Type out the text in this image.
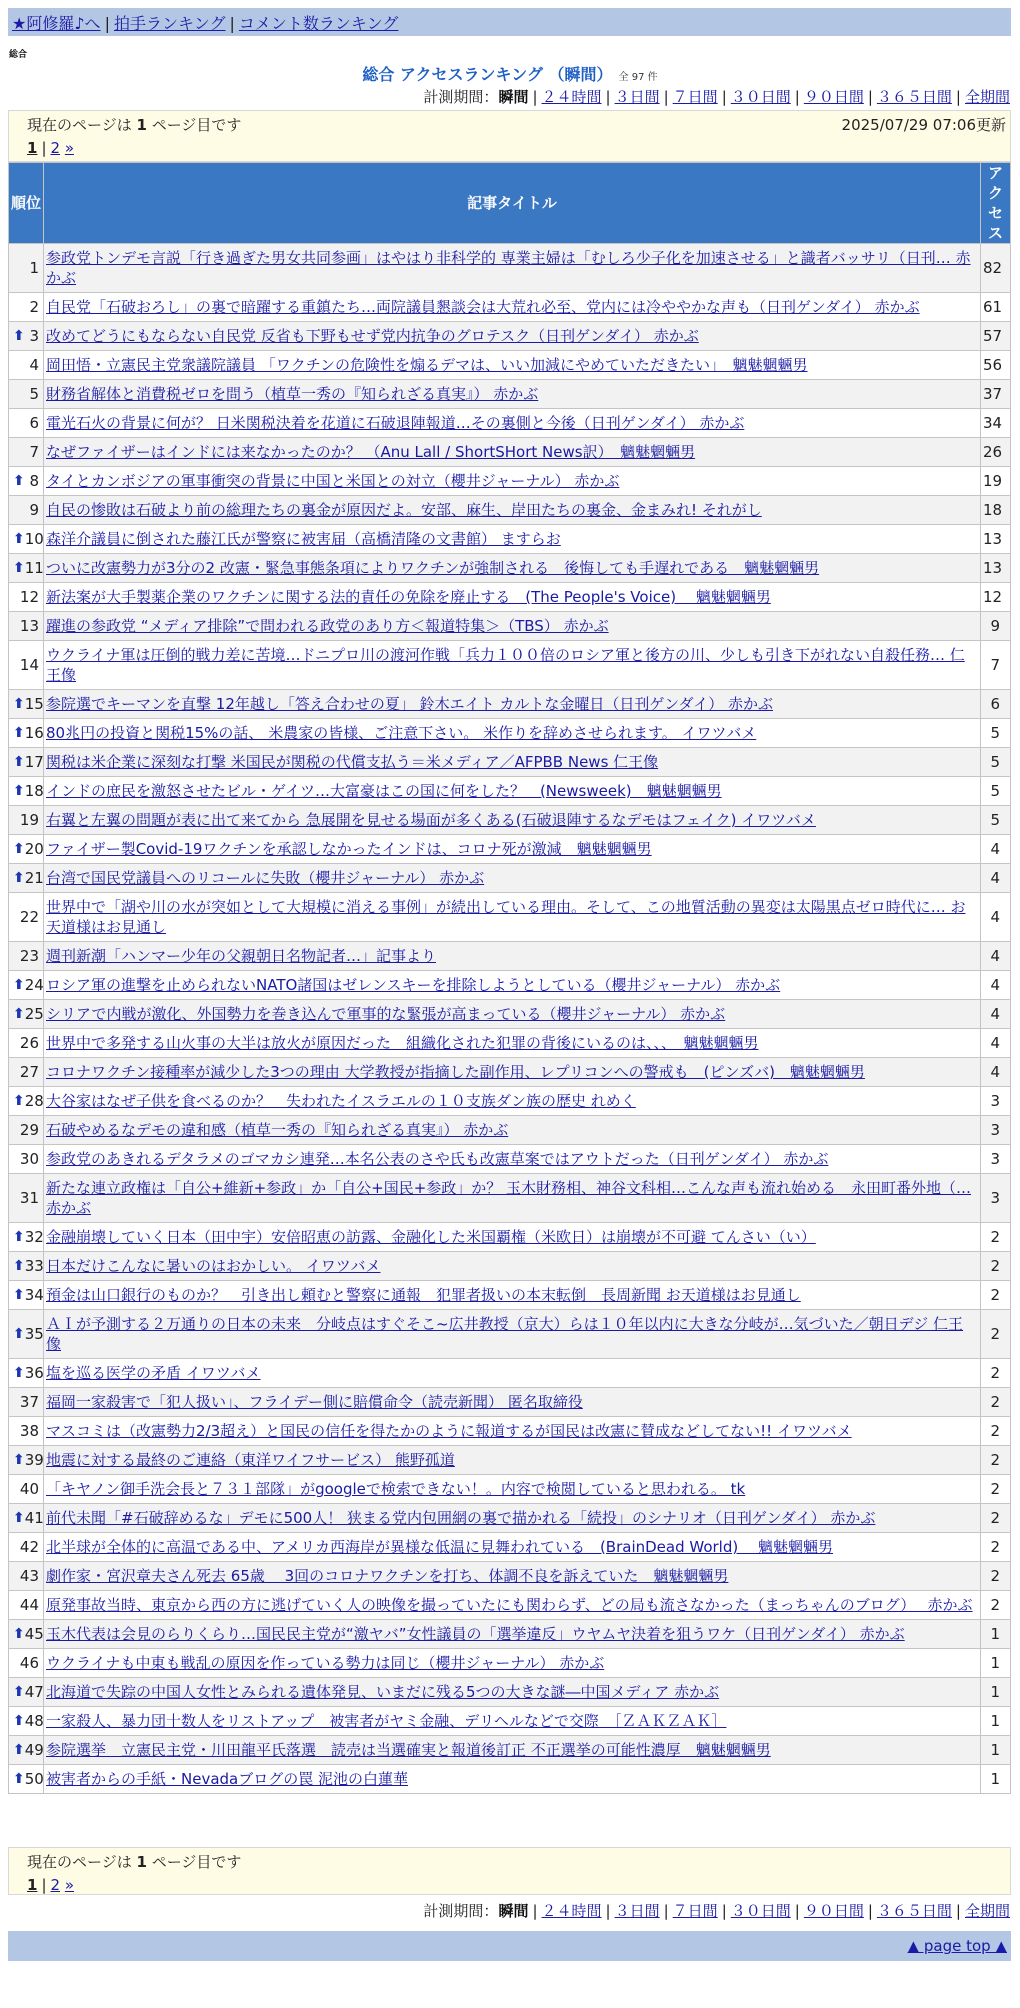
★阿修羅♪へ | 拍手ランキング | コメント数ランキング
総合
総合 アクセスランキング （瞬間） 全 97 件
計測期間：瞬間 | ２４時間 | ３日間 | ７日間 | ３０日間 | ９０日間 | ３６５日間 | 全期間
現在のページは 1 ページ目です	2025/07/29 07:06更新
1 | 2 »
順位	記事タイトル	アクセス
1	参政党トンデモ言説「行き過ぎた男女共同参画」はやはり非科学的 専業主婦は「むしろ少子化を加速させる」と識者バッサリ（日刊… 赤かぶ	82
2	自民党「石破おろし」の裏で暗躍する重鎮たち…両院議員懇談会は大荒れ必至、党内には冷ややかな声も（日刊ゲンダイ） 赤かぶ	61

⬆ 3	改めてどうにもならない自民党 反省も下野もせず党内抗争のグロテスク（日刊ゲンダイ） 赤かぶ	57
4	岡田悟・立憲民主党衆議院議員 「ワクチンの危険性を煽るデマは、いい加減にやめていただきたい」　魑魅魍魎男	56
5	財務省解体と消費税ゼロを問う（植草一秀の『知られざる真実』） 赤かぶ	37
6	電光石火の背景に何が？ 日米関税決着を花道に石破退陣報道…その裏側と今後（日刊ゲンダイ） 赤かぶ	34
7	なぜファイザーはインドには来なかったのか？ （Anu Lall / ShortSHort News訳）　魑魅魍魎男	26

⬆ 8	タイとカンボジアの軍事衝突の背景に中国と米国との対立（櫻井ジャーナル） 赤かぶ	19
9	自民の惨敗は石破より前の総理たちの裏金が原因だよ。安部、麻生、岸田たちの裏金、金まみれ! それがし	18

⬆ 10	森洋介議員に倒された藤江氏が警察に被害届（高橋清隆の文書館） ますらお	13

⬆ 11	ついに改憲勢力が3分の2 改憲・緊急事態条項によりワクチンが強制される　後悔しても手遅れである　魑魅魍魎男	13
12	新法案が大手製薬企業のワクチンに関する法的責任の免除を廃止する　(The People's Voice)　 魑魅魍魎男	12
13	躍進の参政党 “メディア排除”で問われる政党のあり方＜報道特集＞（TBS） 赤かぶ	9
14	ウクライナ軍は圧倒的戦力差に苦境…ドニプロ川の渡河作戦「兵力１００倍のロシア軍と後方の川、少しも引き下がれない自殺任務… 仁王像	7

⬆ 15	参院選でキーマンを直撃 12年越し「答え合わせの夏」 鈴木エイト カルトな金曜日（日刊ゲンダイ） 赤かぶ	6

⬆ 16	80兆円の投資と関税15%の話、 米農家の皆様、ご注意下さい。 米作りを辞めさせられます。 イワツバメ	5

⬆ 17	関税は米企業に深刻な打撃 米国民が関税の代償支払う＝米メディア／AFPBB News 仁王像	5

⬆ 18	インドの庶民を激怒させたビル・ゲイツ…大富豪はこの国に何をした？　(Newsweek)　魑魅魍魎男	5
19	右翼と左翼の問題が表に出て来てから 急展開を見せる場面が多くある(石破退陣するなデモはフェイク) イワツバメ	5

⬆ 20	ファイザー製Covid-19ワクチンを承認しなかったインドは、コロナ死が激減　魑魅魍魎男	4

⬆ 21	台湾で国民党議員へのリコールに失敗（櫻井ジャーナル） 赤かぶ	4
22	世界中で「湖や川の水が突如として大規模に消える事例」が続出している理由。そして、この地質活動の異変は太陽黒点ゼロ時代に… お天道様はお見通し	4
23	週刊新潮「ハンマー少年の父親朝日名物記者…」記事より	4

⬆ 24	ロシア軍の進撃を止められないNATO諸国はゼレンスキーを排除しようとしている（櫻井ジャーナル） 赤かぶ	4

⬆ 25	シリアで内戦が激化、外国勢力を巻き込んで軍事的な緊張が高まっている（櫻井ジャーナル） 赤かぶ	4
26	世界中で多発する山火事の大半は放火が原因だった　組織化された犯罪の背後にいるのは、、、　魑魅魍魎男	4
27	コロナワクチン接種率が減少した3つの理由 大学教授が指摘した副作用、レプリコンへの警戒も　(ピンズバ)　魑魅魍魎男	4

⬆ 28	大谷家はなぜ子供を食べるのか？　失われたイスラエルの１０支族ダン族の歴史 れめく	3
29	石破やめるなデモの違和感（植草一秀の『知られざる真実』） 赤かぶ	3
30	参政党のあきれるデタラメのゴマカシ連発…本名公表のさや氏も改憲草案ではアウトだった（日刊ゲンダイ） 赤かぶ	3
31	新たな連立政権は「自公+維新+参政」か「自公+国民+参政」か？ 玉木財務相、神谷文科相…こんな声も流れ始める　永田町番外地（… 赤かぶ	3

⬆ 32	金融崩壊していく日本（田中宇）安倍昭恵の訪露、金融化した米国覇権（米欧日）は崩壊が不可避 てんさい（い）	2

⬆ 33	日本だけこんなに暑いのはおかしい。 イワツバメ	2

⬆ 34	預金は山口銀行のものか？　引き出し頼むと警察に通報　犯罪者扱いの本末転倒　長周新聞 お天道様はお見通し	2

⬆ 35	ＡＩが予測する２万通りの日本の未来　分岐点はすぐそこ~広井教授（京大）らは１０年以内に大きな分岐が…気づいた／朝日デジ 仁王像	2

⬆ 36	塩を巡る医学の矛盾 イワツバメ	2
37	福岡一家殺害で「犯人扱い」、フライデー側に賠償命令（読売新聞） 匿名取締役	2
38	マスコミは（改憲勢力2/3超え）と国民の信任を得たかのように報道するが国民は改憲に賛成などしてない!! イワツバメ	2

⬆ 39	地震に対する最終のご連絡（東洋ワイフサービス） 熊野孤道	2
40	「キヤノン御手洗会長と７３１部隊」がgoogleで検索できない！。内容で検閲していると思われる。 tk	2

⬆ 41	前代未聞「#石破辞めるな」デモに500人！ 狭まる党内包囲網の裏で描かれる「続投」のシナリオ（日刊ゲンダイ） 赤かぶ	2
42	北半球が全体的に高温である中、アメリカ西海岸が異様な低温に見舞われている　(BrainDead World)　 魑魅魍魎男	2
43	劇作家・宮沢章夫さん死去 65歳　 3回のコロナワクチンを打ち、体調不良を訴えていた　魑魅魍魎男	2
44	原発事故当時、東京から西の方に逃げていく人の映像を撮っていたにも関わらず、どの局も流さなかった（まっちゃんのブログ）　 赤かぶ	2

⬆ 45	玉木代表は会見のらりくらり…国民民主党が“激ヤバ”女性議員の「選挙違反」ウヤムヤ決着を狙うワケ（日刊ゲンダイ） 赤かぶ	1
46	ウクライナも中東も戦乱の原因を作っている勢力は同じ（櫻井ジャーナル） 赤かぶ	1

⬆ 47	北海道で失踪の中国人女性とみられる遺体発見、いまだに残る5つの大きな謎―中国メディア 赤かぶ	1

⬆ 48	一家殺人、暴力団十数人をリストアップ　被害者がヤミ金融、デリヘルなどで交際　［ＺＡＫＺＡＫ］	1

⬆ 49	参院選挙　立憲民主党・川田龍平氏落選　読売は当選確実と報道後訂正 不正選挙の可能性濃厚　魑魅魍魎男	1

⬆ 50	被害者からの手紙・Nevadaブログの罠 泥池の白蓮華	1
現在のページは 1 ページ目です
1 | 2 »
計測期間：瞬間 | ２４時間 | ３日間 | ７日間 | ３０日間 | ９０日間 | ３６５日間 | 全期間
▲ page top ▲
